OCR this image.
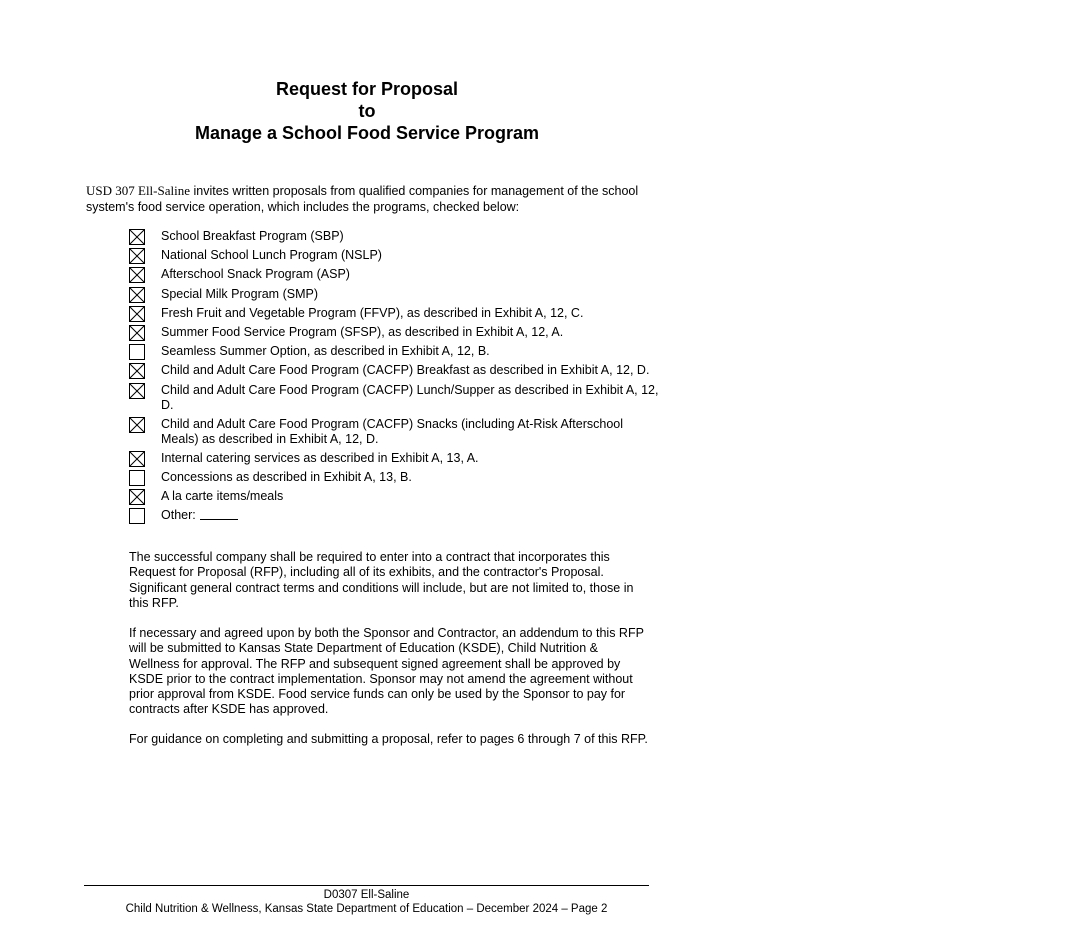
Request for Proposal
to
Manage a School Food Service Program
USD 307 Ell-Saline invites written proposals from qualified companies for management of the school system's food service operation, which includes the programs, checked below:
School Breakfast Program (SBP)
National School Lunch Program (NSLP)
Afterschool Snack Program (ASP)
Special Milk Program (SMP)
Fresh Fruit and Vegetable Program (FFVP), as described in Exhibit A, 12, C.
Summer Food Service Program (SFSP), as described in Exhibit A, 12, A.
Seamless Summer Option, as described in Exhibit A, 12, B.
Child and Adult Care Food Program (CACFP) Breakfast as described in Exhibit A, 12, D.
Child and Adult Care Food Program (CACFP) Lunch/Supper as described in Exhibit A, 12, D.
Child and Adult Care Food Program (CACFP) Snacks (including At-Risk Afterschool Meals) as described in Exhibit A, 12, D.
Internal catering services as described in Exhibit A, 13, A.
Concessions as described in Exhibit A, 13, B.
A la carte items/meals
Other:
The successful company shall be required to enter into a contract that incorporates this Request for Proposal (RFP), including all of its exhibits, and the contractor's Proposal. Significant general contract terms and conditions will include, but are not limited to, those in this RFP.
If necessary and agreed upon by both the Sponsor and Contractor, an addendum to this RFP will be submitted to Kansas State Department of Education (KSDE), Child Nutrition & Wellness for approval. The RFP and subsequent signed agreement shall be approved by KSDE prior to the contract implementation. Sponsor may not amend the agreement without prior approval from KSDE. Food service funds can only be used by the Sponsor to pay for contracts after KSDE has approved.
For guidance on completing and submitting a proposal, refer to pages 6 through 7 of this RFP.
D0307 Ell-Saline
Child Nutrition & Wellness, Kansas State Department of Education – December 2024 – Page 2
